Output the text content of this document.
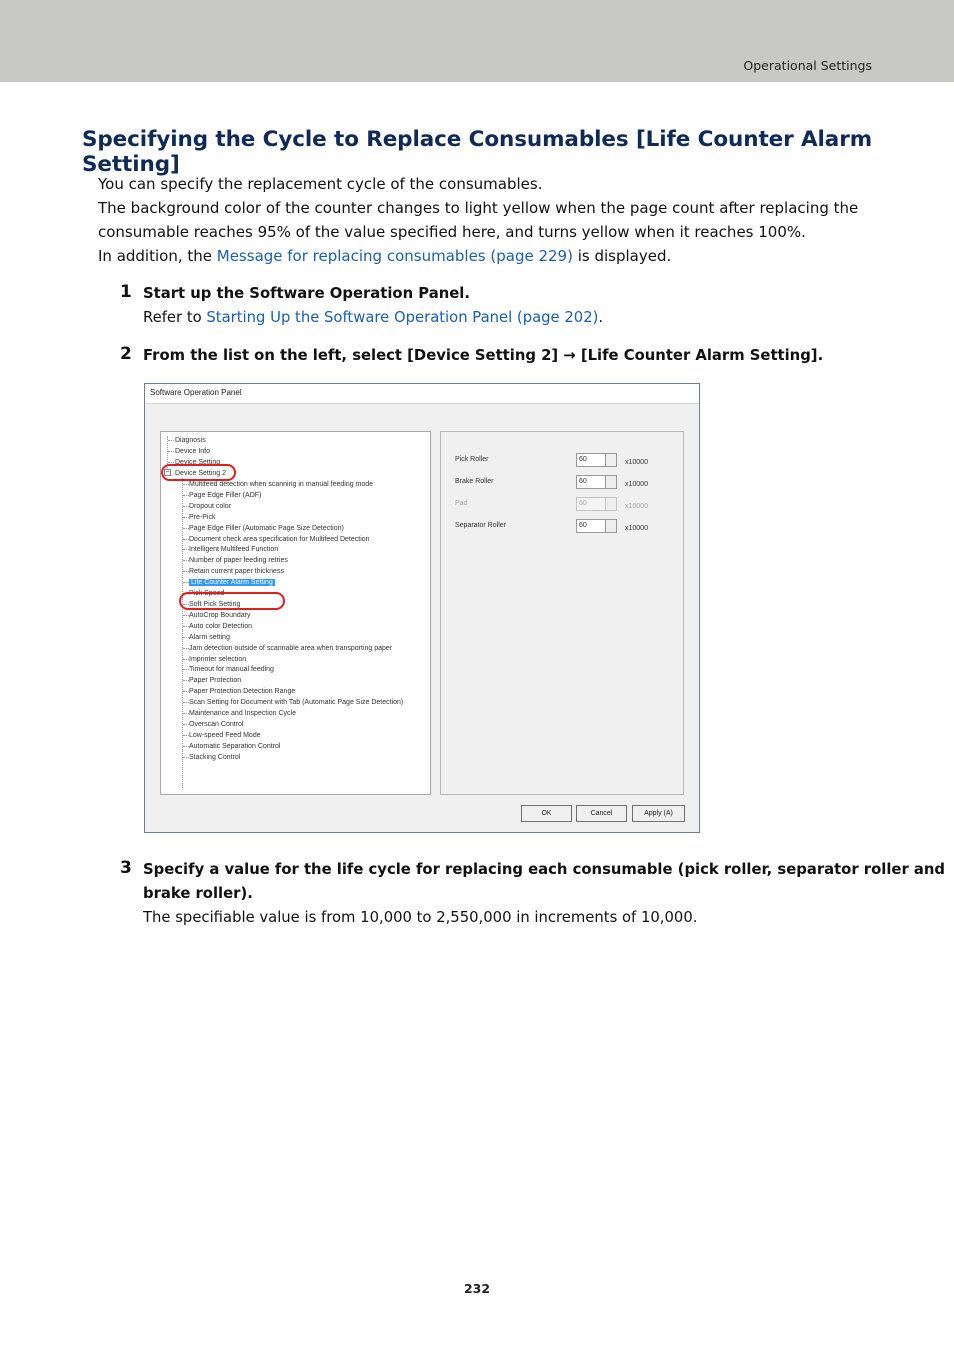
Operational Settings
Specifying the Cycle to Replace Consumables [Life Counter Alarm Setting]

You can specify the replacement cycle of the consumables.

The background color of the counter changes to light yellow when the page count after replacing the

consumable reaches 95% of the value specified here, and turns yellow when it reaches 100%.

In addition, the Message for replacing consumables (page 229) is displayed.

1 Start up the Software Operation Panel.
Refer to Starting Up the Software Operation Panel (page 202).
2 From the list on the left, select [Device Setting 2] → [Life Counter Alarm Setting].
Software Operation Panel
Diagnosis
Device Info
Device Setting
− Device Setting 2
Multifeed detection when scanning in manual feeding mode
Page Edge Filler (ADF)
Dropout color
Pre-Pick
Page Edge Filler (Automatic Page Size Detection)
Document check area specification for Multifeed Detection
Intelligent Multifeed Function
Number of paper feeding retries
Retain current paper thickness
Life Counter Alarm Setting
Pick Speed
Soft Pick Setting
AutoCrop Boundary
Auto color Detection
Alarm setting
Jam detection outside of scannable area when transporting paper
Imprinter selection
Timeout for manual feeding
Paper Protection
Paper Protection Detection Range
Scan Setting for Document with Tab (Automatic Page Size Detection)
Maintenance and Inspection Cycle
Overscan Control
Low-speed Feed Mode
Automatic Separation Control
Stacking Control
Pick Roller	60	x10000
Brake Roller	60	x10000
Pad	60	x10000
Separator Roller	60	x10000
OK	Cancel	Apply (A)
3 Specify a value for the life cycle for replacing each consumable (pick roller, separator roller and
brake roller).
The specifiable value is from 10,000 to 2,550,000 in increments of 10,000.
232
